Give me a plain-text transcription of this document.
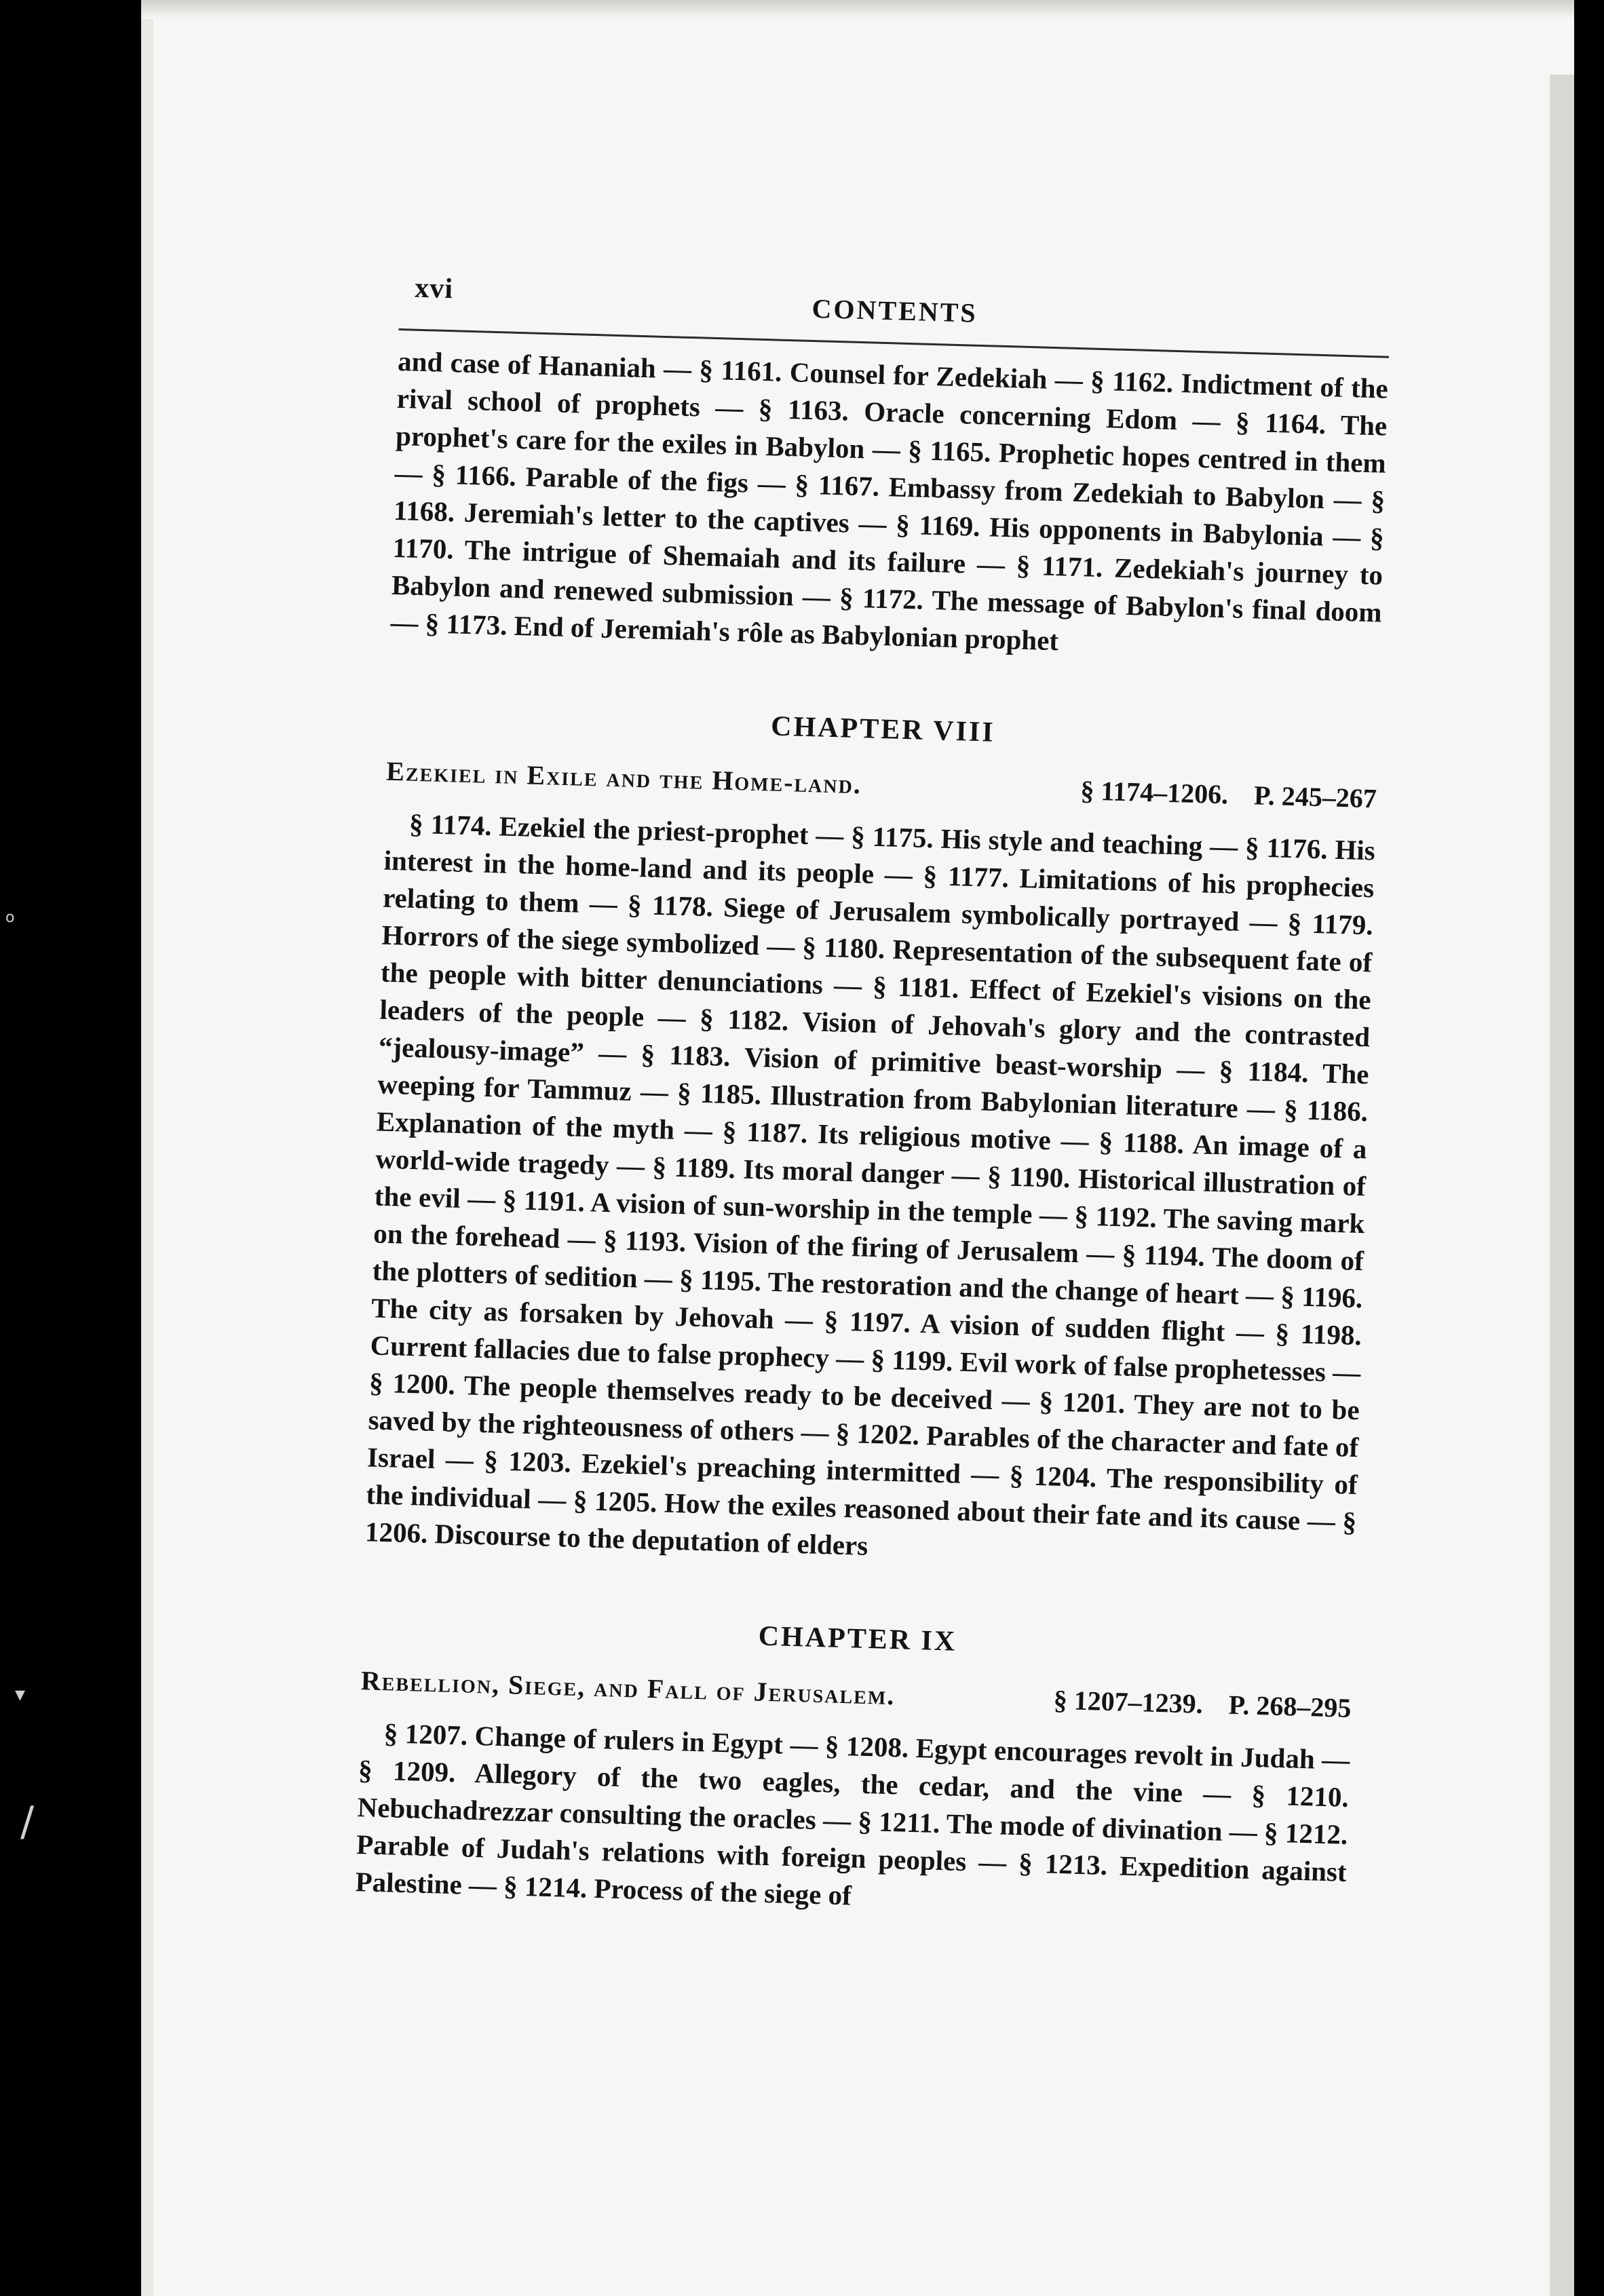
o
▾
/
xvi
CONTENTS

and case of Hananiah — § 1161. Counsel for Zedekiah — § 1162. Indictment of the rival school of prophets — § 1163. Oracle concerning Edom — § 1164. The prophet's care for the exiles in Babylon — § 1165. Prophetic hopes centred in them — § 1166. Parable of the figs — § 1167. Embassy from Zedekiah to Babylon — § 1168. Jeremiah's letter to the captives — § 1169. His opponents in Babylonia — § 1170. The intrigue of Shemaiah and its failure — § 1171. Zedekiah's journey to Babylon and renewed submission — § 1172. The message of Babylon's final doom — § 1173. End of Jeremiah's rôle as Babylonian prophet

CHAPTER VIII
Ezekiel in Exile and the Home-land.	§ 1174–1206. P. 245–267

§ 1174. Ezekiel the priest-prophet — § 1175. His style and teaching — § 1176. His interest in the home-land and its people — § 1177. Limitations of his prophecies relating to them — § 1178. Siege of Jerusalem symbolically portrayed — § 1179. Horrors of the siege symbolized — § 1180. Representation of the subsequent fate of the people with bitter denunciations — § 1181. Effect of Ezekiel's visions on the leaders of the people — § 1182. Vision of Jehovah's glory and the contrasted “jealousy-image” — § 1183. Vision of primitive beast-worship — § 1184. The weeping for Tammuz — § 1185. Illustration from Babylonian literature — § 1186. Explanation of the myth — § 1187. Its religious motive — § 1188. An image of a world-wide tragedy — § 1189. Its moral danger — § 1190. Historical illustration of the evil — § 1191. A vision of sun-worship in the temple — § 1192. The saving mark on the forehead — § 1193. Vision of the firing of Jerusalem — § 1194. The doom of the plotters of sedition — § 1195. The restoration and the change of heart — § 1196. The city as forsaken by Jehovah — § 1197. A vision of sudden flight — § 1198. Current fallacies due to false prophecy — § 1199. Evil work of false prophetesses — § 1200. The people themselves ready to be deceived — § 1201. They are not to be saved by the righteousness of others — § 1202. Parables of the character and fate of Israel — § 1203. Ezekiel's preaching intermitted — § 1204. The responsibility of the individual — § 1205. How the exiles reasoned about their fate and its cause — § 1206. Discourse to the deputation of elders

CHAPTER IX
Rebellion, Siege, and Fall of Jerusalem.	§ 1207–1239. P. 268–295

§ 1207. Change of rulers in Egypt — § 1208. Egypt encourages revolt in Judah — § 1209. Allegory of the two eagles, the cedar, and the vine — § 1210. Nebuchadrezzar consulting the oracles — § 1211. The mode of divination — § 1212. Parable of Judah's relations with foreign peoples — § 1213. Expedition against Palestine — § 1214. Process of the siege of
